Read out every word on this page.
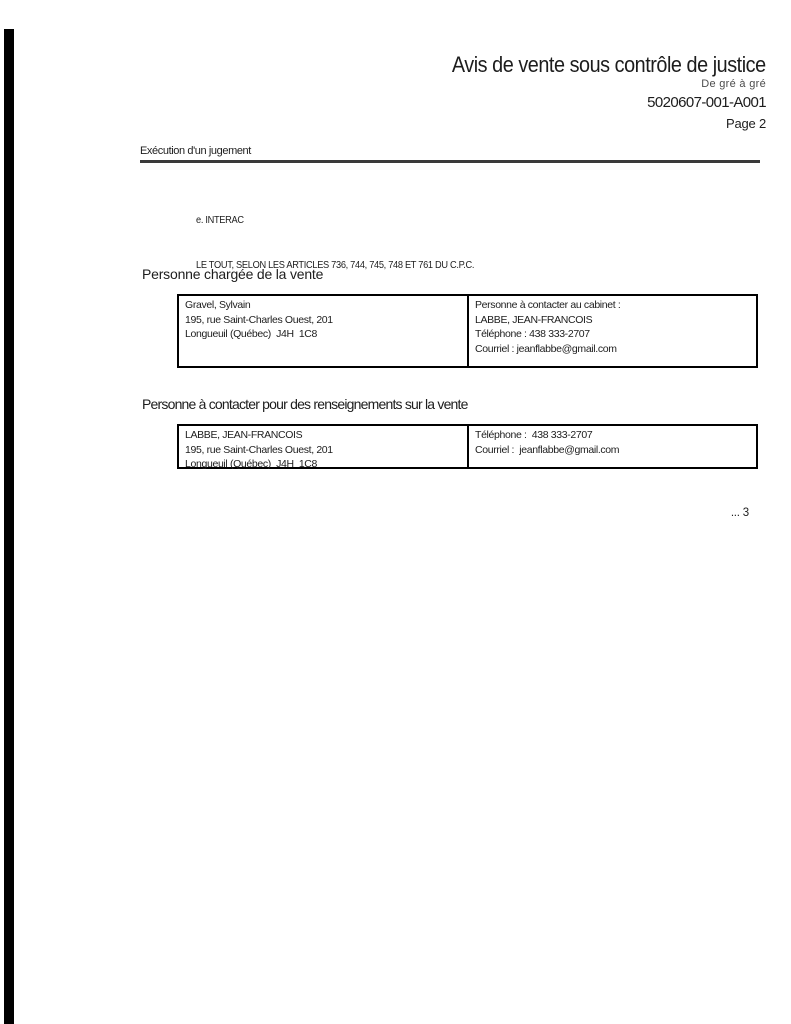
Avis de vente sous contrôle de justice
De gré à gré
5020607-001-A001
Page 2
Exécution d'un jugement

e. INTERAC

LE TOUT, SELON LES ARTICLES 736, 744, 745, 748 ET 761 DU C.P.C.

Personne chargée de la vente
Gravel, Sylvain
195, rue Saint-Charles Ouest, 201
Longueuil (Québec)  J4H  1C8
Personne à contacter au cabinet :
LABBE, JEAN-FRANCOIS
Téléphone : 438 333-2707
Courriel : jeanflabbe@gmail.com
Personne à contacter pour des renseignements sur la vente
LABBE, JEAN-FRANCOIS
195, rue Saint-Charles Ouest, 201
Longueuil (Québec)  J4H  1C8
Téléphone :  438 333-2707
Courriel :  jeanflabbe@gmail.com
... 3
